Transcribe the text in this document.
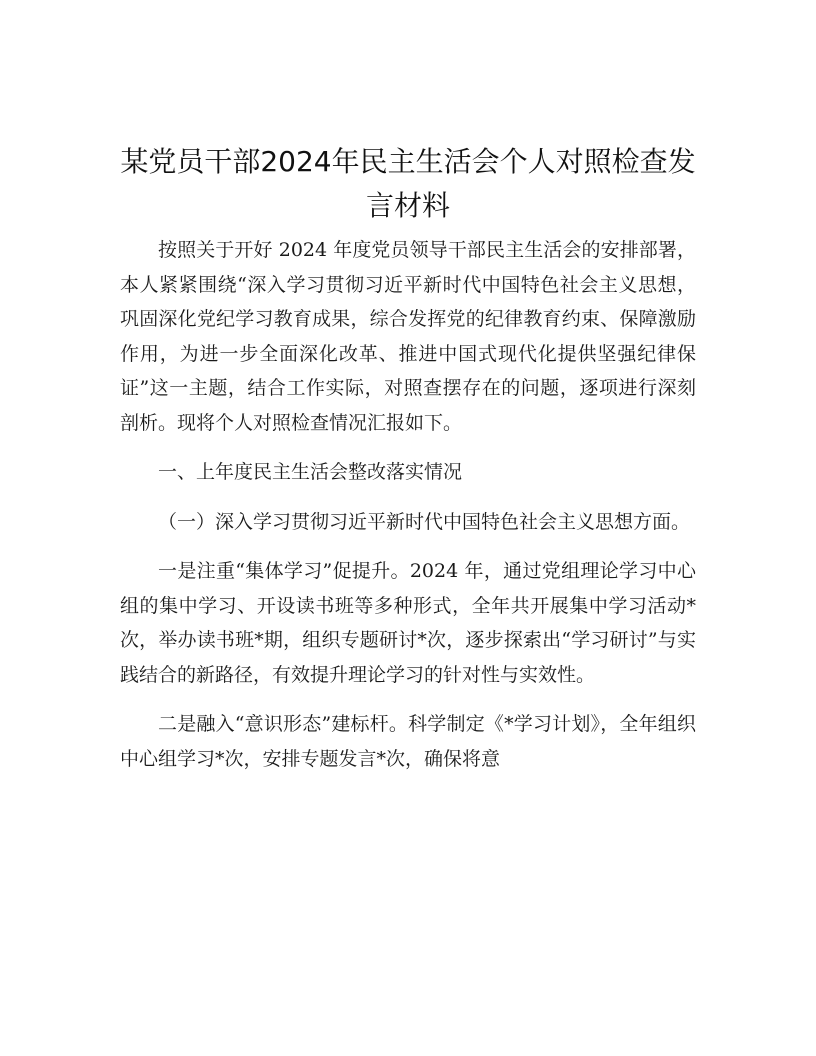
某党员干部2024年民主生活会个人对照检查发言材料

按照关于开好 2024 年度党员领导干部民主生活会的安排部署，本人紧紧围绕“深入学习贯彻习近平新时代中国特色社会主义思想，巩固深化党纪学习教育成果，综合发挥党的纪律教育约束、保障激励作用，为进一步全面深化改革、推进中国式现代化提供坚强纪律保证”这一主题，结合工作实际，对照查摆存在的问题，逐项进行深刻剖析。现将个人对照检查情况汇报如下。

一、上年度民主生活会整改落实情况

（一）深入学习贯彻习近平新时代中国特色社会主义思想方面。

一是注重“集体学习”促提升。2024 年，通过党组理论学习中心组的集中学习、开设读书班等多种形式，全年共开展集中学习活动*次，举办读书班*期，组织专题研讨*次，逐步探索出“学习研讨”与实践结合的新路径，有效提升理论学习的针对性与实效性。

二是融入“意识形态”建标杆。科学制定《*学习计划》，全年组织中心组学习*次，安排专题发言*次，确保将意
